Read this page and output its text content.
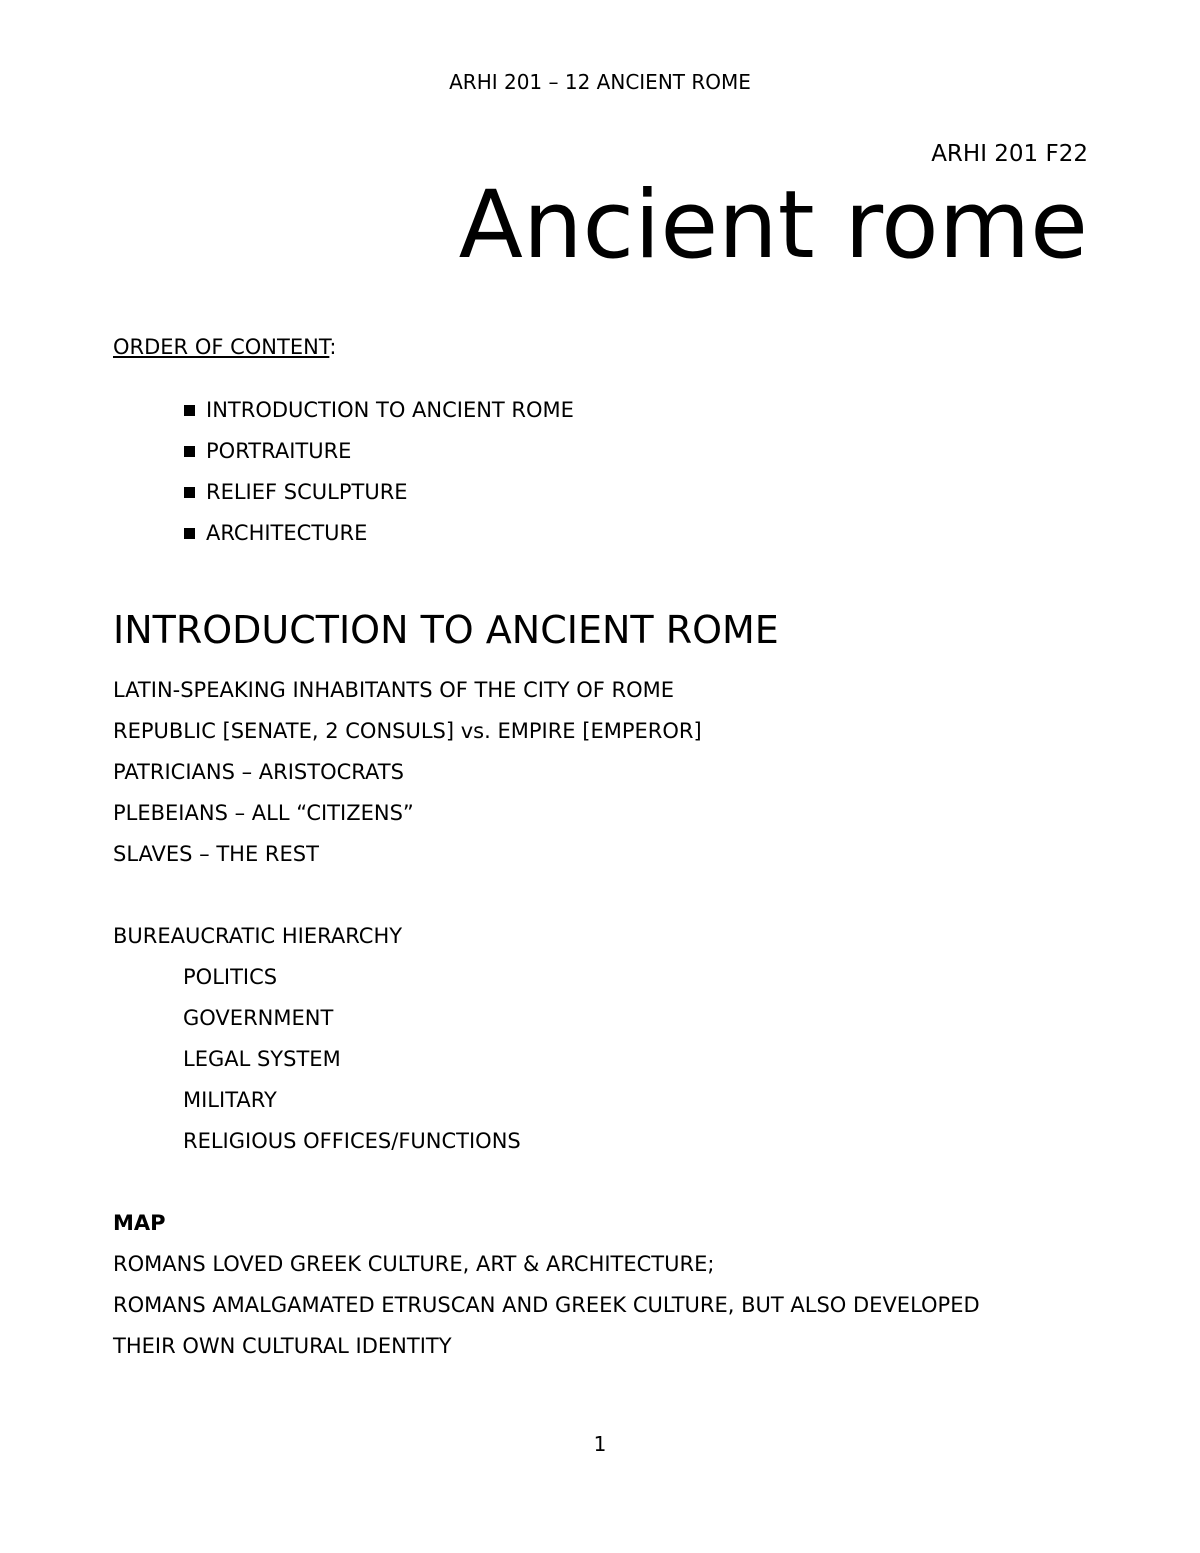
ARHI 201 – 12 ANCIENT ROME
ARHI 201 F22
Ancient rome
ORDER OF CONTENT:
INTRODUCTION TO ANCIENT ROME
PORTRAITURE
RELIEF SCULPTURE
ARCHITECTURE
INTRODUCTION TO ANCIENT ROME
LATIN-SPEAKING INHABITANTS OF THE CITY OF ROME
REPUBLIC [SENATE, 2 CONSULS] vs. EMPIRE [EMPEROR]
PATRICIANS – ARISTOCRATS
PLEBEIANS – ALL “CITIZENS”
SLAVES – THE REST
BUREAUCRATIC HIERARCHY
POLITICS
GOVERNMENT
LEGAL SYSTEM
MILITARY
RELIGIOUS OFFICES/FUNCTIONS
MAP
ROMANS LOVED GREEK CULTURE, ART & ARCHITECTURE;
ROMANS AMALGAMATED ETRUSCAN AND GREEK CULTURE, BUT ALSO DEVELOPED
THEIR OWN CULTURAL IDENTITY
1
